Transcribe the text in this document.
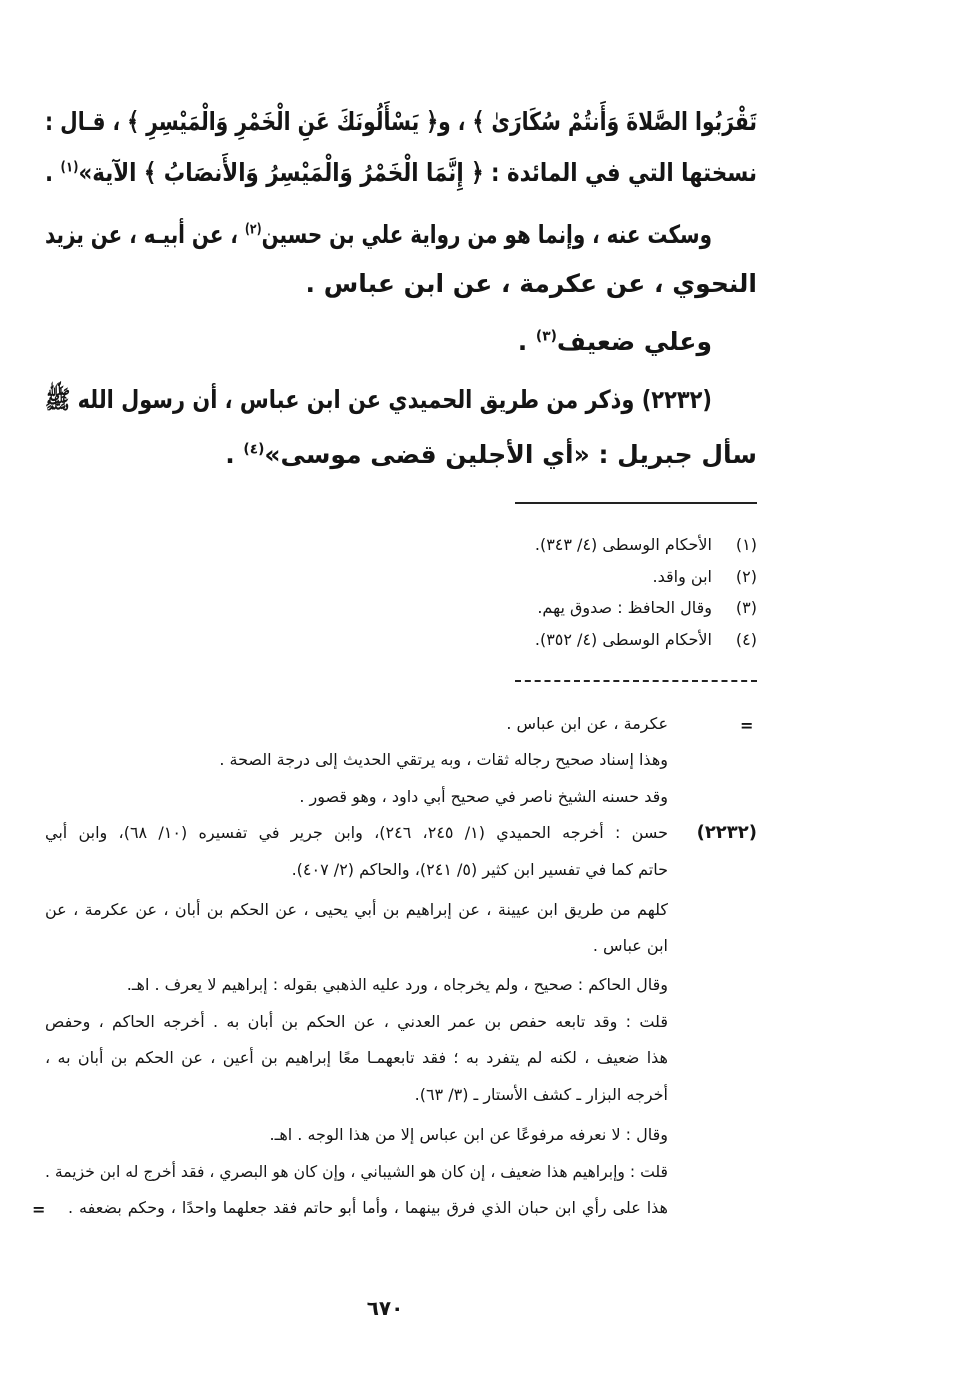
تَقْرَبُوا الصَّلاةَ وَأَنتُمْ سُكَارَىٰ ﴾ ، و﴿ يَسْأَلُونَكَ عَنِ الْخَمْرِ وَالْمَيْسِرِ ﴾ ، قـال :
نسختها التي في المائدة : ﴿ إِنَّمَا الْخَمْرُ وَالْمَيْسِرُ وَالأَنصَابُ ﴾ الآية»$^{(١)}$ .
وسكت عنه ، وإنما هو من رواية علي بن حسين$^{(٢)}$ ، عن أبيـه ، عن يزيد
النحوي ، عن عكرمة ، عن ابن عباس .
وعلي ضعيف$^{(٣)}$ .
(٢٢٣٢) وذكر من طريق الحميدي عن ابن عباس ، أن رسول الله ﷺ
سأل جبريل : «أي الأجلين قضى موسى»$^{(٤)}$ .
(١)
الأحكام الوسطى (٤/ ٣٤٣).
(٢)
ابن واقد.
(٣)
وقال الحافظ : صدوق يهم.
(٤)
الأحكام الوسطى (٤/ ٣٥٢).
=
عكرمة ، عن ابن عباس .
وهذا إسناد صحيح رجاله ثقات ، وبه يرتقي الحديث إلى درجة الصحة .
وقد حسنه الشيخ ناصر في صحيح أبي داود ، وهو قصور .
(٢٢٣٢)
حسن : أخرجه الحميدي (١/ ٢٤٥، ٢٤٦)، وابن جرير في تفسيره (١٠/ ٦٨)، وابن أبي
حاتم كما في تفسير ابن كثير (٥/ ٢٤١)، والحاكم (٢/ ٤٠٧).
كلهم من طريق ابن عيينة ، عن إبراهيم بن أبي يحيى ، عن الحكم بن أبان ، عن عكرمة ، عن
ابن عباس .
وقال الحاكم : صحيح ، ولم يخرجاه ، ورد عليه الذهبي بقوله : إبراهيم لا يعرف . اهـ.
قلت : وقد تابعه حفص بن عمر العدني ، عن الحكم بن أبان به . أخرجه الحاكم ، وحفص
هذا ضعيف ، لكنه لم يتفرد به ؛ فقد تابعهمـا معًا إبراهيم بن أعين ، عن الحكم بن أبان به ،
أخرجه البزار ـ كشف الأستار ـ (٣/ ٦٣).
وقال : لا نعرفه مرفوعًا عن ابن عباس إلا من هذا الوجه . اهـ.
قلت : وإبراهيم هذا ضعيف ، إن كان هو الشيباني ، وإن كان هو البصري ، فقد أخرج له ابن خزيمة .
هذا على رأي ابن حبان الذي فرق بينهما ، وأما أبو حاتم فقد جعلهما واحدًا ، وحكم بضعفه .
=
٦٧٠
